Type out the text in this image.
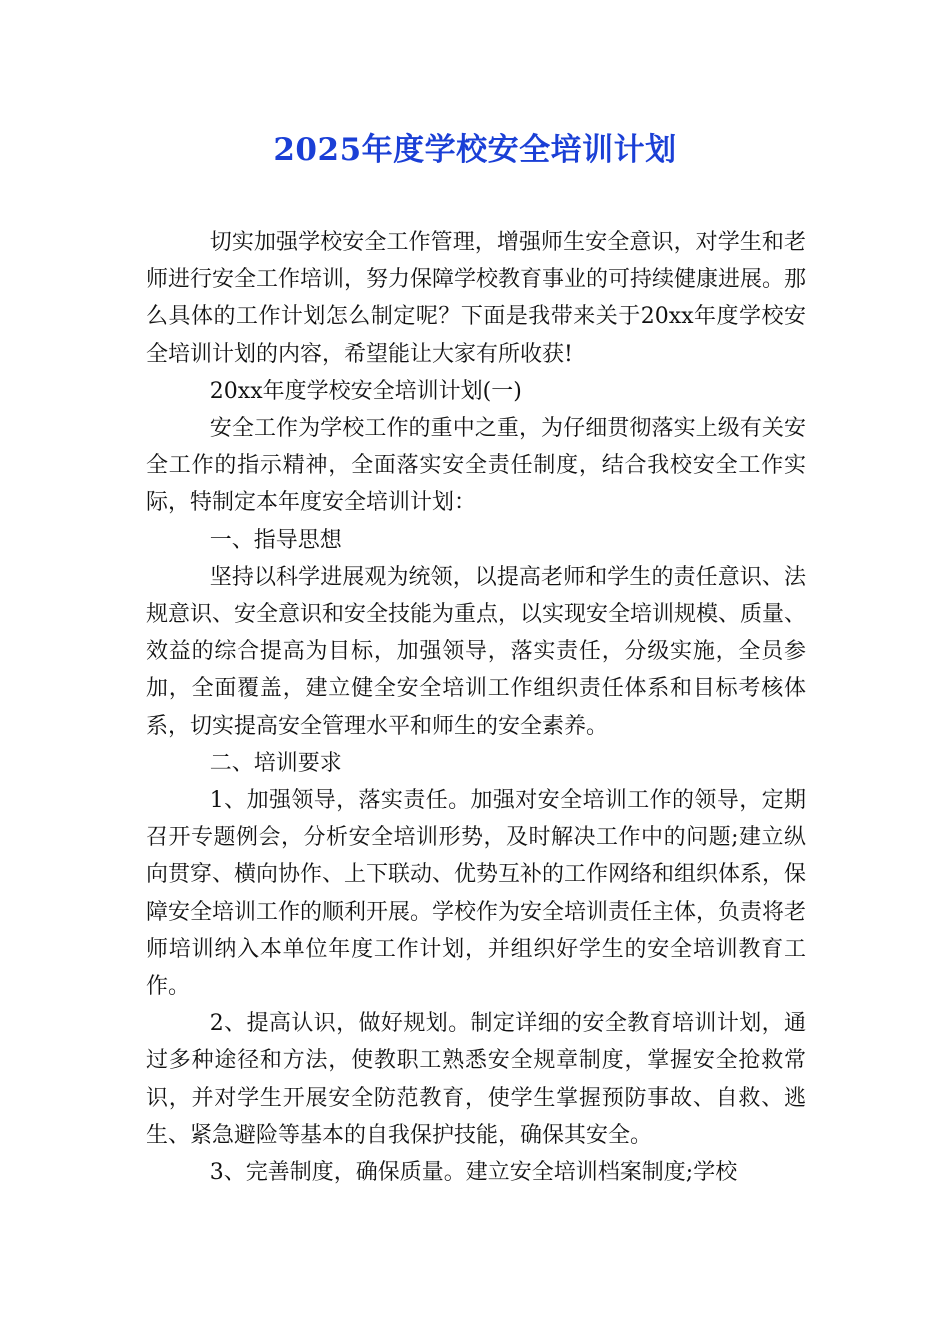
2025年度学校安全培训计划

切实加强学校安全工作管理，增强师生安全意识，对学生和老师进行安全工作培训，努力保障学校教育事业的可持续健康进展。那么具体的工作计划怎么制定呢？下面是我带来关于20xx年度学校安全培训计划的内容，希望能让大家有所收获!

20xx年度学校安全培训计划(一)

安全工作为学校工作的重中之重，为仔细贯彻落实上级有关安全工作的指示精神，全面落实安全责任制度，结合我校安全工作实际，特制定本年度安全培训计划：

一、指导思想

坚持以科学进展观为统领，以提高老师和学生的责任意识、法规意识、安全意识和安全技能为重点，以实现安全培训规模、质量、效益的综合提高为目标，加强领导，落实责任，分级实施，全员参加，全面覆盖，建立健全安全培训工作组织责任体系和目标考核体系，切实提高安全管理水平和师生的安全素养。

二、培训要求

1、加强领导，落实责任。加强对安全培训工作的领导，定期召开专题例会，分析安全培训形势，及时解决工作中的问题;建立纵向贯穿、横向协作、上下联动、优势互补的工作网络和组织体系，保障安全培训工作的顺利开展。学校作为安全培训责任主体，负责将老师培训纳入本单位年度工作计划，并组织好学生的安全培训教育工作。

2、提高认识，做好规划。制定详细的安全教育培训计划，通过多种途径和方法，使教职工熟悉安全规章制度，掌握安全抢救常识，并对学生开展安全防范教育，使学生掌握预防事故、自救、逃生、紧急避险等基本的自我保护技能，确保其安全。

3、完善制度，确保质量。建立安全培训档案制度;学校
